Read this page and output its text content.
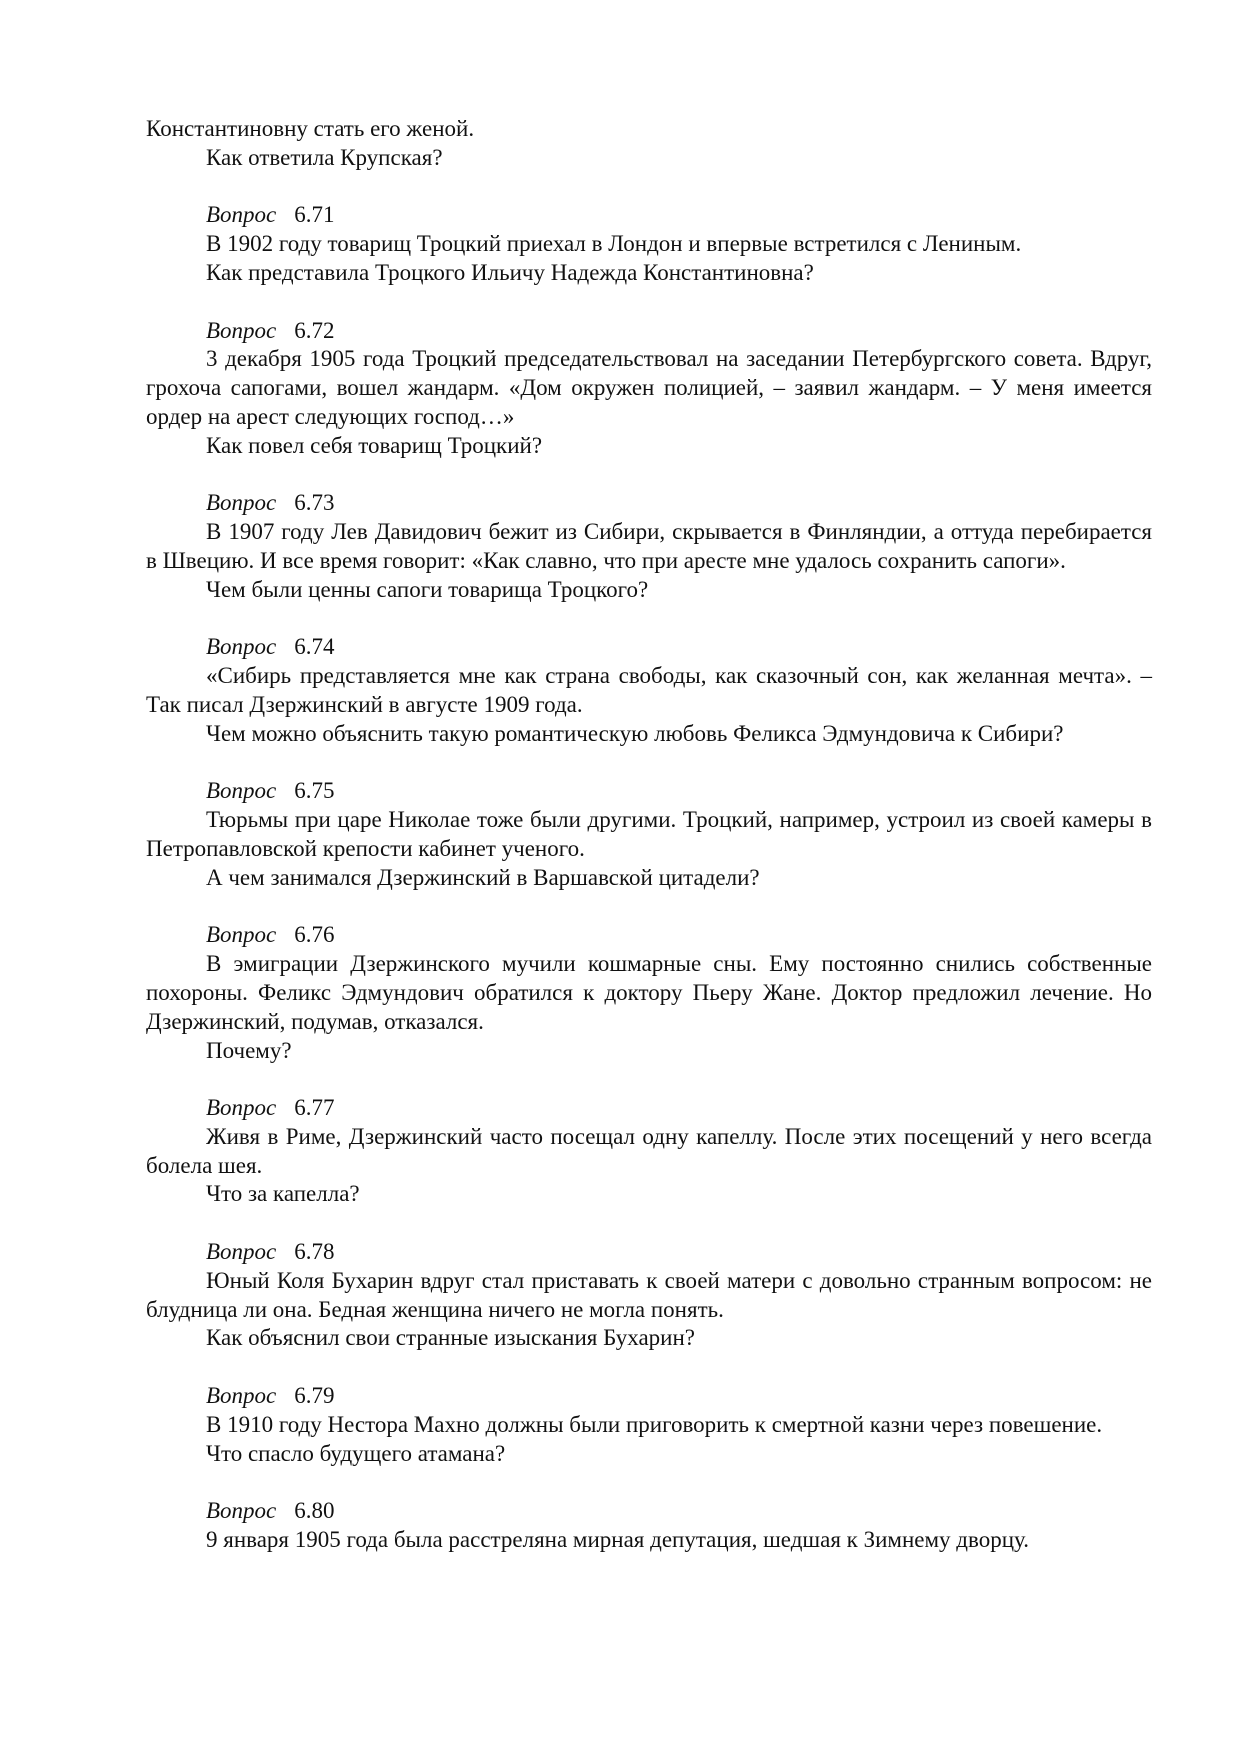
Константиновну стать его женой.

Как ответила Крупская?

Вопрос 6.71

В 1902 году товарищ Троцкий приехал в Лондон и впервые встретился с Лениным.

Как представила Троцкого Ильичу Надежда Константиновна?

Вопрос 6.72

3 декабря 1905 года Троцкий председательствовал на заседании Петербургского совета. Вдруг, грохоча сапогами, вошел жандарм. «Дом окружен полицией, – заявил жандарм. – У меня имеется ордер на арест следующих господ…»

Как повел себя товарищ Троцкий?

Вопрос 6.73

В 1907 году Лев Давидович бежит из Сибири, скрывается в Финляндии, а оттуда перебирается в Швецию. И все время говорит: «Как славно, что при аресте мне удалось сохранить сапоги».

Чем были ценны сапоги товарища Троцкого?

Вопрос 6.74

«Сибирь представляется мне как страна свободы, как сказочный сон, как желанная мечта». – Так писал Дзержинский в августе 1909 года.

Чем можно объяснить такую романтическую любовь Феликса Эдмундовича к Сибири?

Вопрос 6.75

Тюрьмы при царе Николае тоже были другими. Троцкий, например, устроил из своей камеры в Петропавловской крепости кабинет ученого.

А чем занимался Дзержинский в Варшавской цитадели?

Вопрос 6.76

В эмиграции Дзержинского мучили кошмарные сны. Ему постоянно снились собственные похороны. Феликс Эдмундович обратился к доктору Пьеру Жане. Доктор предложил лечение. Но Дзержинский, подумав, отказался.

Почему?

Вопрос 6.77

Живя в Риме, Дзержинский часто посещал одну капеллу. После этих посещений у него всегда болела шея.

Что за капелла?

Вопрос 6.78

Юный Коля Бухарин вдруг стал приставать к своей матери с довольно странным вопросом: не блудница ли она. Бедная женщина ничего не могла понять.

Как объяснил свои странные изыскания Бухарин?

Вопрос 6.79

В 1910 году Нестора Махно должны были приговорить к смертной казни через повешение.

Что спасло будущего атамана?

Вопрос 6.80

9 января 1905 года была расстреляна мирная депутация, шедшая к Зимнему дворцу.
